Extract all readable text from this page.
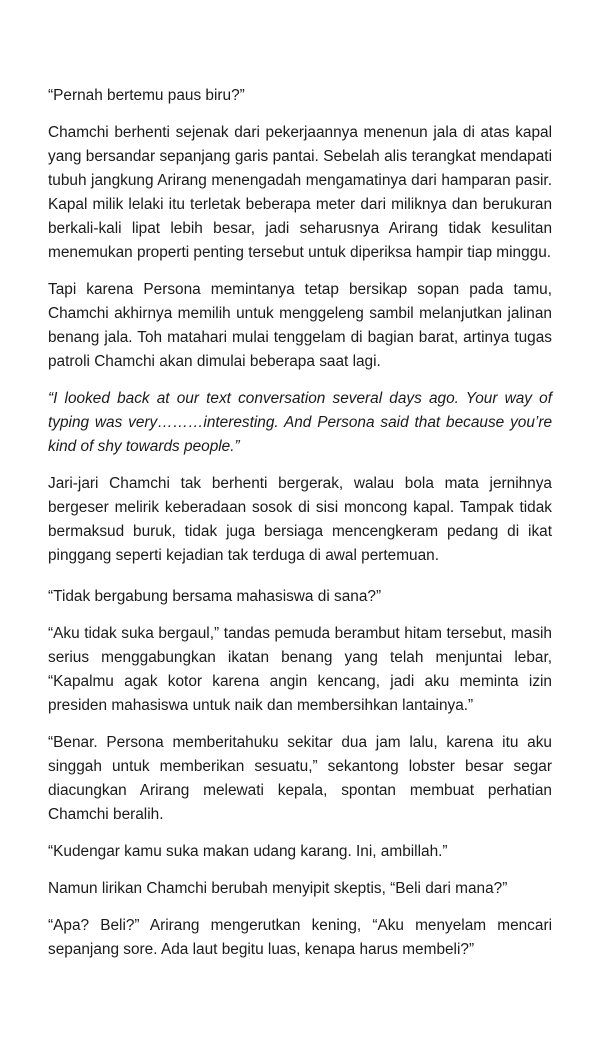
“Pernah bertemu paus biru?”

Chamchi berhenti sejenak dari pekerjaannya menenun jala di atas kapal yang bersandar sepanjang garis pantai. Sebelah alis terangkat mendapati tubuh jangkung Arirang menengadah mengamatinya dari hamparan pasir. Kapal milik lelaki itu terletak beberapa meter dari miliknya dan berukuran berkali-kali lipat lebih besar, jadi seharusnya Arirang tidak kesulitan menemukan properti penting tersebut untuk diperiksa hampir tiap minggu.

Tapi karena Persona memintanya tetap bersikap sopan pada tamu, Chamchi akhirnya memilih untuk menggeleng sambil melanjutkan jalinan benang jala. Toh matahari mulai tenggelam di bagian barat, artinya tugas patroli Chamchi akan dimulai beberapa saat lagi.

“I looked back at our text conversation several days ago. Your way of typing was very………interesting. And Persona said that because you’re kind of shy towards people.”

Jari-jari Chamchi tak berhenti bergerak, walau bola mata jernihnya bergeser melirik keberadaan sosok di sisi moncong kapal. Tampak tidak bermaksud buruk, tidak juga bersiaga mencengkeram pedang di ikat pinggang seperti kejadian tak terduga di awal pertemuan.

“Tidak bergabung bersama mahasiswa di sana?”

“Aku tidak suka bergaul,” tandas pemuda berambut hitam tersebut, masih serius menggabungkan ikatan benang yang telah menjuntai lebar, “Kapalmu agak kotor karena angin kencang, jadi aku meminta izin presiden mahasiswa untuk naik dan membersihkan lantainya.”

“Benar. Persona memberitahuku sekitar dua jam lalu, karena itu aku singgah untuk memberikan sesuatu,” sekantong lobster besar segar diacungkan Arirang melewati kepala, spontan membuat perhatian Chamchi beralih.

“Kudengar kamu suka makan udang karang. Ini, ambillah.”

Namun lirikan Chamchi berubah menyipit skeptis, “Beli dari mana?”

“Apa? Beli?” Arirang mengerutkan kening, “Aku menyelam mencari sepanjang sore. Ada laut begitu luas, kenapa harus membeli?”
